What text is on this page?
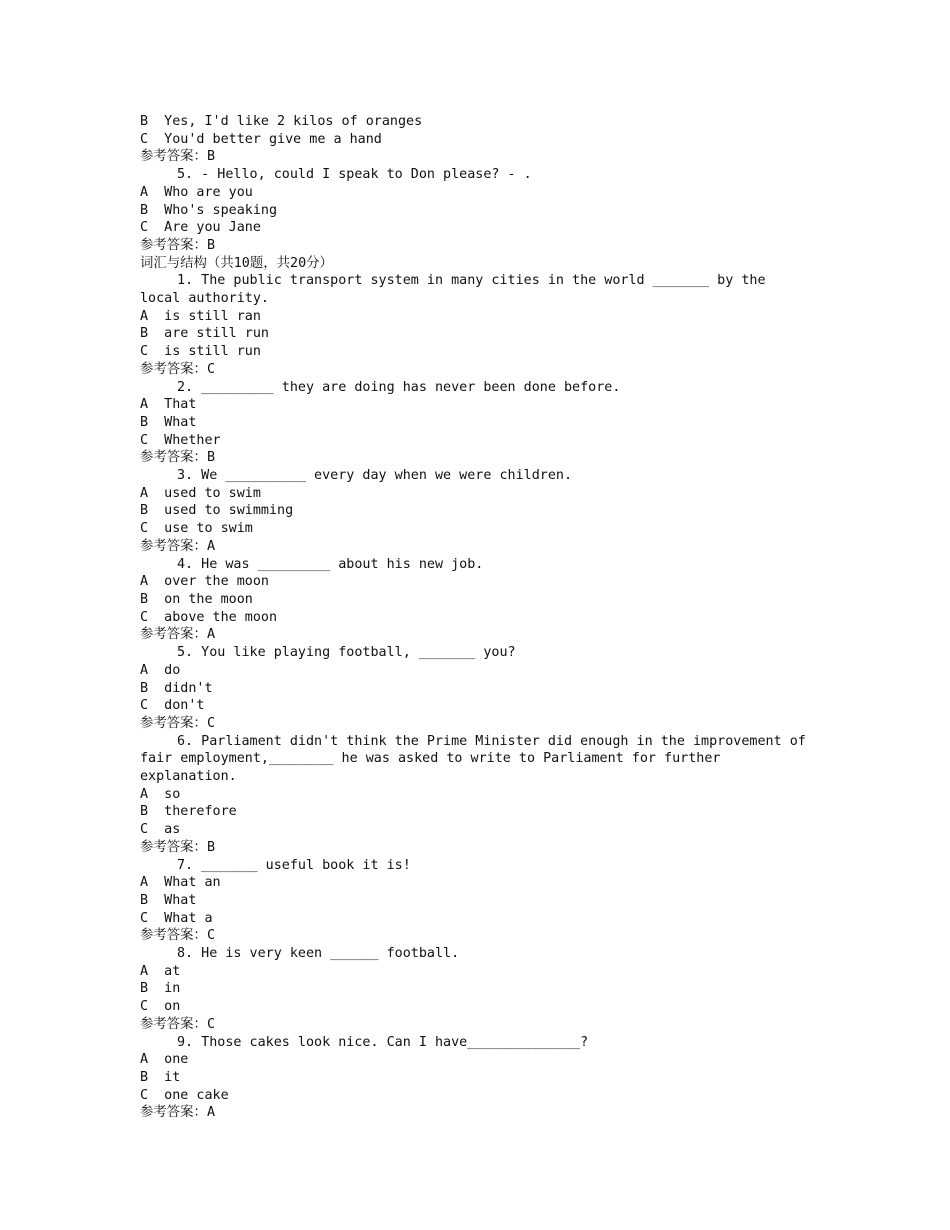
B  Yes, I'd like 2 kilos of oranges
C  You'd better give me a hand
参考答案：B
5. - Hello, could I speak to Don please? - .
A  Who are you
B  Who's speaking
C  Are you Jane
参考答案：B
词汇与结构（共10题，共20分）
1. The public transport system in many cities in the world _______ by the local authority.
A  is still ran
B  are still run
C  is still run
参考答案：C
2. _________ they are doing has never been done before.
A  That
B  What
C  Whether
参考答案：B
3. We __________ every day when we were children.
A  used to swim
B  used to swimming
C  use to swim
参考答案：A
4. He was _________ about his new job.
A  over the moon
B  on the moon
C  above the moon
参考答案：A
5. You like playing football, _______ you?
A  do
B  didn't
C  don't
参考答案：C
6. Parliament didn't think the Prime Minister did enough in the improvement of fair employment,________ he was asked to write to Parliament for further explanation.
A  so
B  therefore
C  as
参考答案：B
7. _______ useful book it is!
A  What an
B  What
C  What a
参考答案：C
8. He is very keen ______ football.
A  at
B  in
C  on
参考答案：C
9. Those cakes look nice. Can I have______________?
A  one
B  it
C  one cake
参考答案：A
